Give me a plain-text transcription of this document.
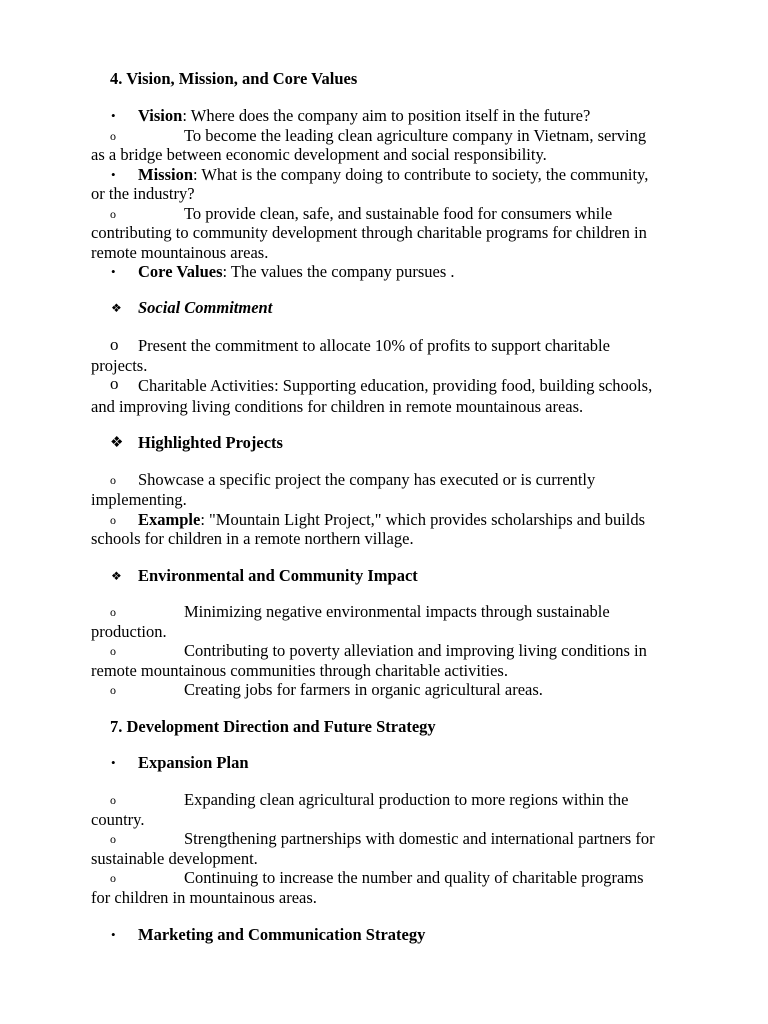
4. Vision, Mission, and Core Values
• Vision: Where does the company aim to position itself in the future?
o	To become the leading clean agriculture company in Vietnam, serving
as a bridge between economic development and social responsibility.
• Mission: What is the company doing to contribute to society, the community,
or the industry?
o	To provide clean, safe, and sustainable food for consumers while
contributing to community development through charitable programs for children in
remote mountainous areas.
• Core Values: The values the company pursues .
❖ Social Commitment
o Present the commitment to allocate 10% of profits to support charitable
projects.
o Charitable Activities: Supporting education, providing food, building schools,
and improving living conditions for children in remote mountainous areas.
❖ Highlighted Projects
o Showcase a specific project the company has executed or is currently
implementing.
o Example: "Mountain Light Project," which provides scholarships and builds
schools for children in a remote northern village.
❖ Environmental and Community Impact
o	Minimizing negative environmental impacts through sustainable
production.
o	Contributing to poverty alleviation and improving living conditions in
remote mountainous communities through charitable activities.
o	Creating jobs for farmers in organic agricultural areas.
7. Development Direction and Future Strategy
• Expansion Plan
o	Expanding clean agricultural production to more regions within the
country.
o	Strengthening partnerships with domestic and international partners for
sustainable development.
o	Continuing to increase the number and quality of charitable programs
for children in mountainous areas.
• Marketing and Communication Strategy
